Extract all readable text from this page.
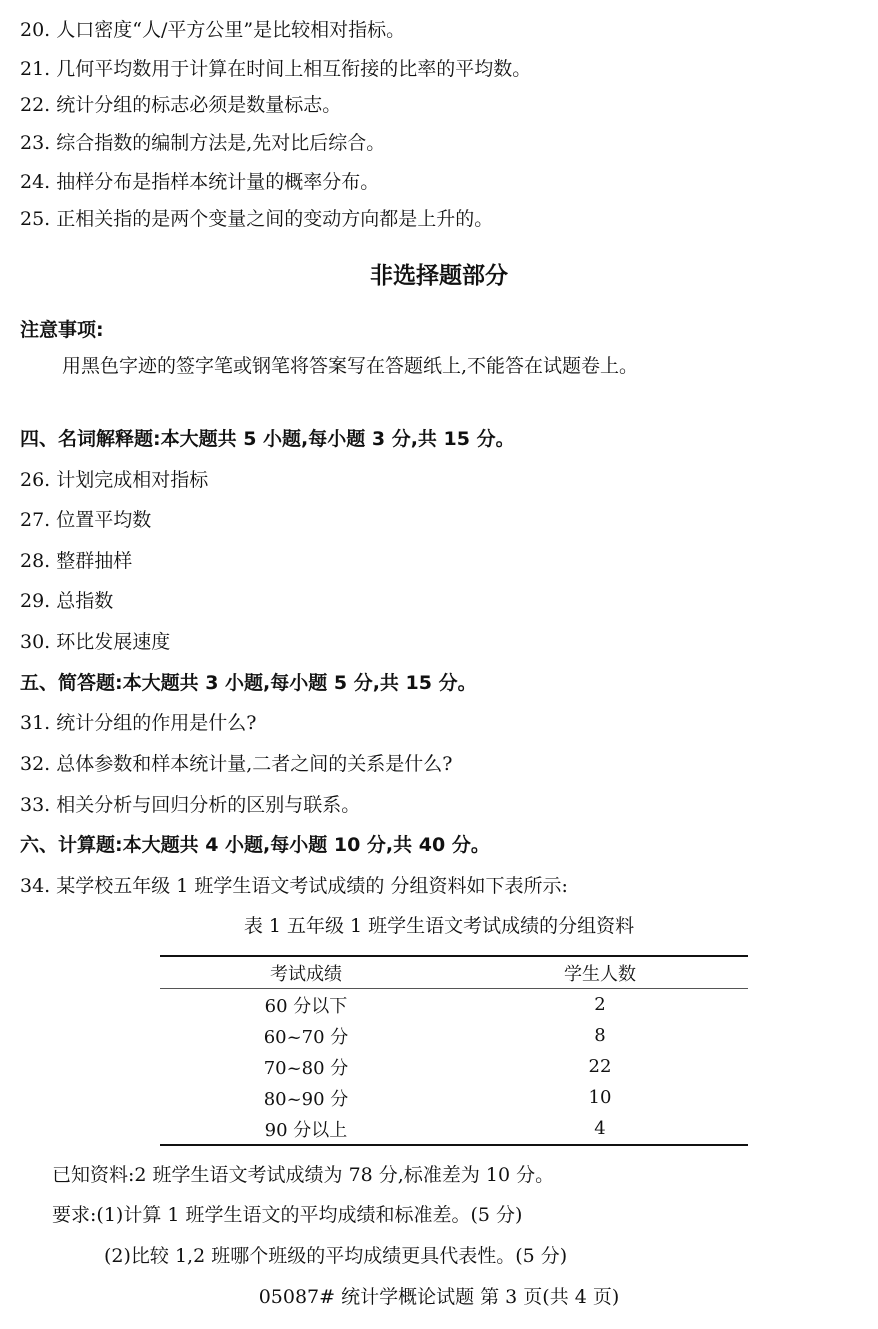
20. 人口密度“人/平方公里”是比较相对指标。
21. 几何平均数用于计算在时间上相互衔接的比率的平均数。
22. 统计分组的标志必须是数量标志。
23. 综合指数的编制方法是,先对比后综合。
24. 抽样分布是指样本统计量的概率分布。
25. 正相关指的是两个变量之间的变动方向都是上升的。
非选择题部分
注意事项:
用黑色字迹的签字笔或钢笔将答案写在答题纸上,不能答在试题卷上。
四、名词解释题:本大题共 5 小题,每小题 3 分,共 15 分。
26. 计划完成相对指标
27. 位置平均数
28. 整群抽样
29. 总指数
30. 环比发展速度
五、简答题:本大题共 3 小题,每小题 5 分,共 15 分。
31. 统计分组的作用是什么?
32. 总体参数和样本统计量,二者之间的关系是什么?
33. 相关分析与回归分析的区别与联系。
六、计算题:本大题共 4 小题,每小题 10 分,共 40 分。
34. 某学校五年级 1 班学生语文考试成绩的 分组资料如下表所示:
表 1 五年级 1 班学生语文考试成绩的分组资料
考试成绩	学生人数
60 分以下	2
60~70 分	8
70~80 分	22
80~90 分	10
90 分以上	4
已知资料:2 班学生语文考试成绩为 78 分,标准差为 10 分。
要求:(1)计算 1 班学生语文的平均成绩和标准差。(5 分)
(2)比较 1,2 班哪个班级的平均成绩更具代表性。(5 分)
05087# 统计学概论试题 第 3 页(共 4 页)
